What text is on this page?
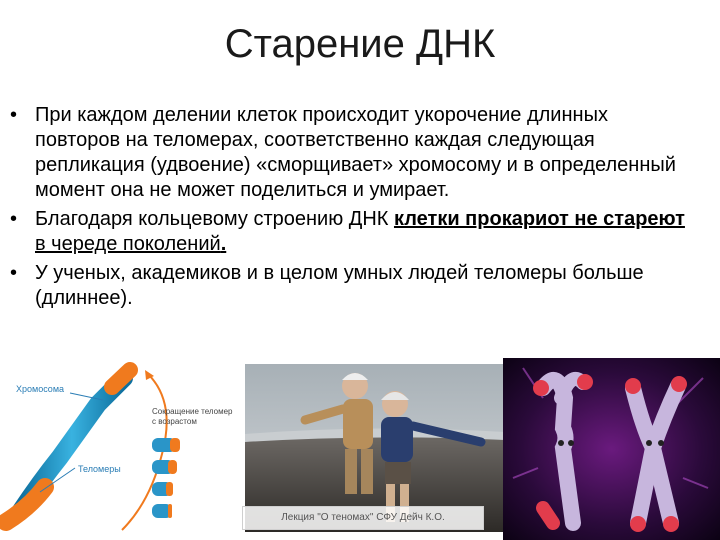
Старение ДНК
• При каждом делении клеток происходит укорочение длинных повторов на теломерах, соответственно каждая следующая репликация (удвоение) «сморщивает» хромосому и в определенный момент она не может поделиться и умирает.
• Благодаря кольцевому строению ДНК клетки прокариот не стареют в череде поколений.
• У ученых, академиков и в целом умных людей теломеры больше (длиннее).
Хромосома
Теломеры
Сокращение теломер
с возрастом
Лекция "О теномах" СФУ Дейч К.О.
